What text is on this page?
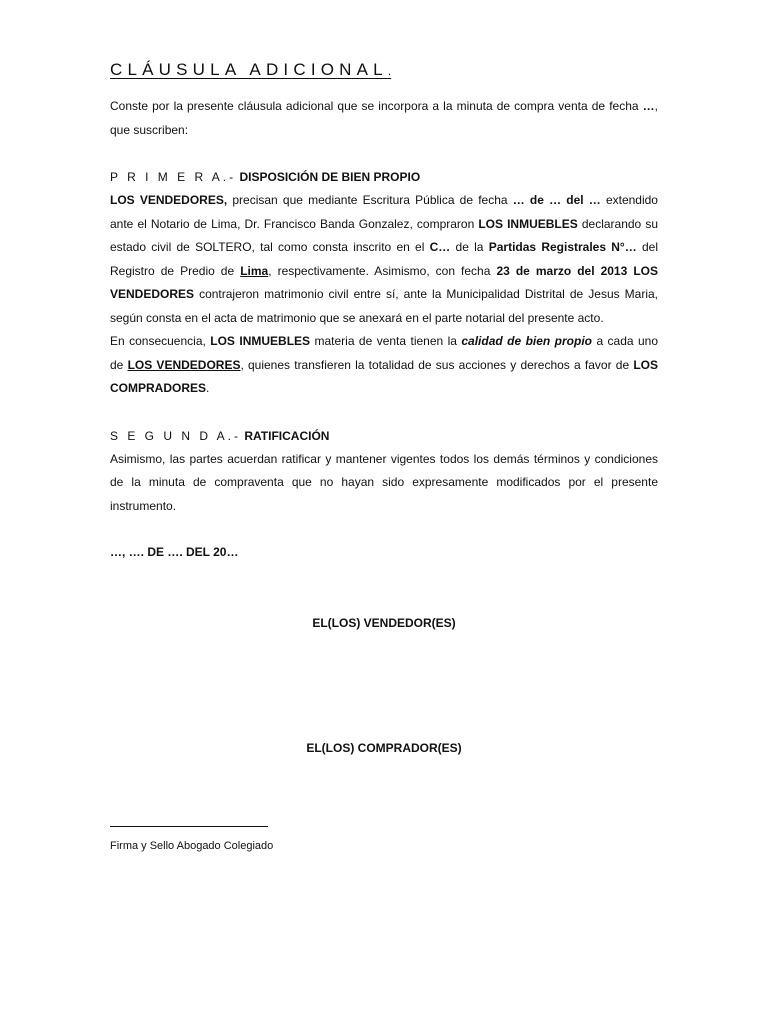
CLÁUSULA ADICIONAL.

Conste por la presente cláusula adicional que se incorpora a la minuta de compra venta de fecha …, que suscriben:

P R I M E R A.- DISPOSICIÓN DE BIEN PROPIO

LOS VENDEDORES, precisan que mediante Escritura Pública de fecha … de … del … extendido ante el Notario de Lima, Dr. Francisco Banda Gonzalez, compraron LOS INMUEBLES declarando su estado civil de SOLTERO, tal como consta inscrito en el C… de la Partidas Registrales N°… del Registro de Predio de Lima, respectivamente. Asimismo, con fecha 23 de marzo del 2013 LOS VENDEDORES contrajeron matrimonio civil entre sí, ante la Municipalidad Distrital de Jesus Maria, según consta en el acta de matrimonio que se anexará en el parte notarial del presente acto.

En consecuencia, LOS INMUEBLES materia de venta tienen la calidad de bien propio a cada uno de LOS VENDEDORES, quienes transfieren la totalidad de sus acciones y derechos a favor de LOS COMPRADORES.

S E G U N D A.- RATIFICACIÓN

Asimismo, las partes acuerdan ratificar y mantener vigentes todos los demás términos y condiciones de la minuta de compraventa que no hayan sido expresamente modificados por el presente instrumento.

…, …. DE …. DEL 20…
EL(LOS) VENDEDOR(ES)
EL(LOS) COMPRADOR(ES)
Firma y Sello Abogado Colegiado
